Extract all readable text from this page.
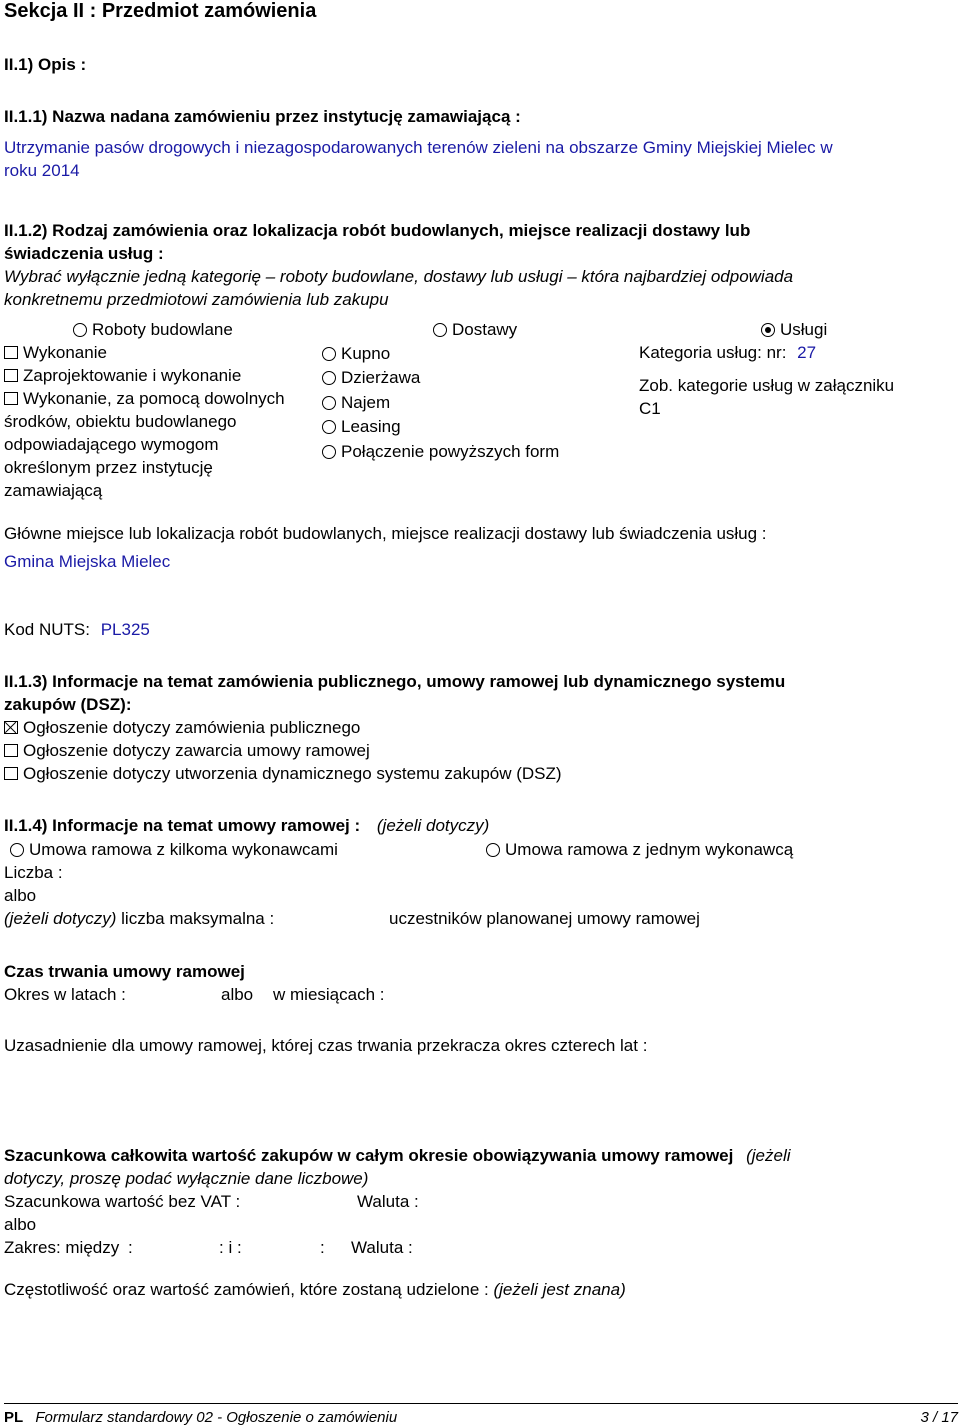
Sekcja II : Przedmiot zamówienia
II.1) Opis :
II.1.1) Nazwa nadana zamówieniu przez instytucję zamawiającą :
Utrzymanie pasów drogowych i niezagospodarowanych terenów zieleni na obszarze Gminy Miejskiej Mielec w
roku 2014
II.1.2) Rodzaj zamówienia oraz lokalizacja robót budowlanych, miejsce realizacji dostawy lub
świadczenia usług :
Wybrać wyłącznie jedną kategorię – roboty budowlane, dostawy lub usługi – która najbardziej odpowiada
konkretnemu przedmiotowi zamówienia lub zakupu
Roboty budowlane	Dostawy	Usługi
Wykonanie
Zaprojektowanie i wykonanie
Wykonanie, za pomocą dowolnych
środków, obiektu budowlanego
odpowiadającego wymogom
określonym przez instytucję
zamawiającą
Kupno
Dzierżawa
Najem
Leasing
Połączenie powyższych form
Kategoria usług: nr: 27
Zob. kategorie usług w załączniku
C1
Główne miejsce lub lokalizacja robót budowlanych, miejsce realizacji dostawy lub świadczenia usług :
Gmina Miejska Mielec
Kod NUTS: PL325
II.1.3) Informacje na temat zamówienia publicznego, umowy ramowej lub dynamicznego systemu
zakupów (DSZ):
Ogłoszenie dotyczy zamówienia publicznego
Ogłoszenie dotyczy zawarcia umowy ramowej
Ogłoszenie dotyczy utworzenia dynamicznego systemu zakupów (DSZ)
II.1.4) Informacje na temat umowy ramowej : (jeżeli dotyczy)
Umowa ramowa z kilkoma wykonawcami	Umowa ramowa z jednym wykonawcą
Liczba :
albo
(jeżeli dotyczy) liczba maksymalna :	uczestników planowanej umowy ramowej
Czas trwania umowy ramowej
Okres w latach :	albo w miesiącach :
Uzasadnienie dla umowy ramowej, której czas trwania przekracza okres czterech lat :
Szacunkowa całkowita wartość zakupów w całym okresie obowiązywania umowy ramowej (jeżeli
dotyczy, proszę podać wyłącznie dane liczbowe)
Szacunkowa wartość bez VAT :	Waluta :
albo
Zakres: między :	: i :	: Waluta :
Częstotliwość oraz wartość zamówień, które zostaną udzielone : (jeżeli jest znana)
PL Formularz standardowy 02 - Ogłoszenie o zamówieniu	3 / 17
